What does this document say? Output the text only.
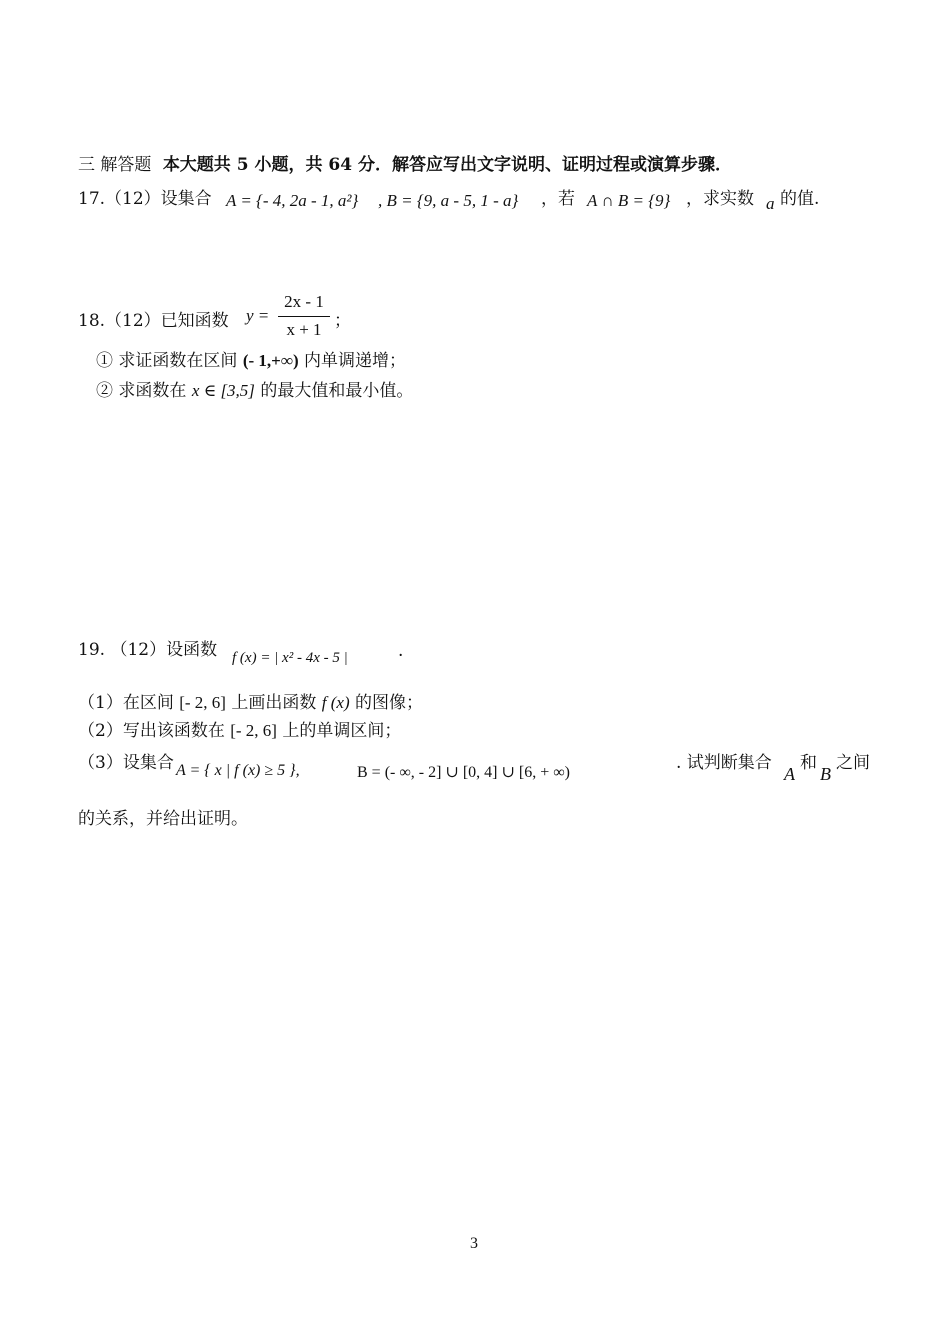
三 解答题 本大题共 5 小题，共 64 分．解答应写出文字说明、证明过程或演算步骤．
17.（12）设集合 A = {- 4, 2a - 1, a²} , B = {9, a - 5, 1 - a} ，若 A ∩ B = {9} ，求实数 a 的值.
18.（12）已知函数 y =
2x - 1
x + 1 ；
① 求证函数在区间 (- 1,+∞) 内单调递增；
② 求函数在 x ∈ [3,5] 的最大值和最小值。
19. （12）设函数 f (x) = | x² - 4x - 5 |	·
（1）在区间 [- 2, 6] 上画出函数 f (x) 的图像；
（2）写出该函数在 [- 2, 6] 上的单调区间；
（3）设集合 A = { x | f (x) ≥ 5 },	B = (- ∞, - 2] ∪ [0, 4] ∪ [6, + ∞)	. 试判断集合
A
和
B
之间
的关系，并给出证明。
3
